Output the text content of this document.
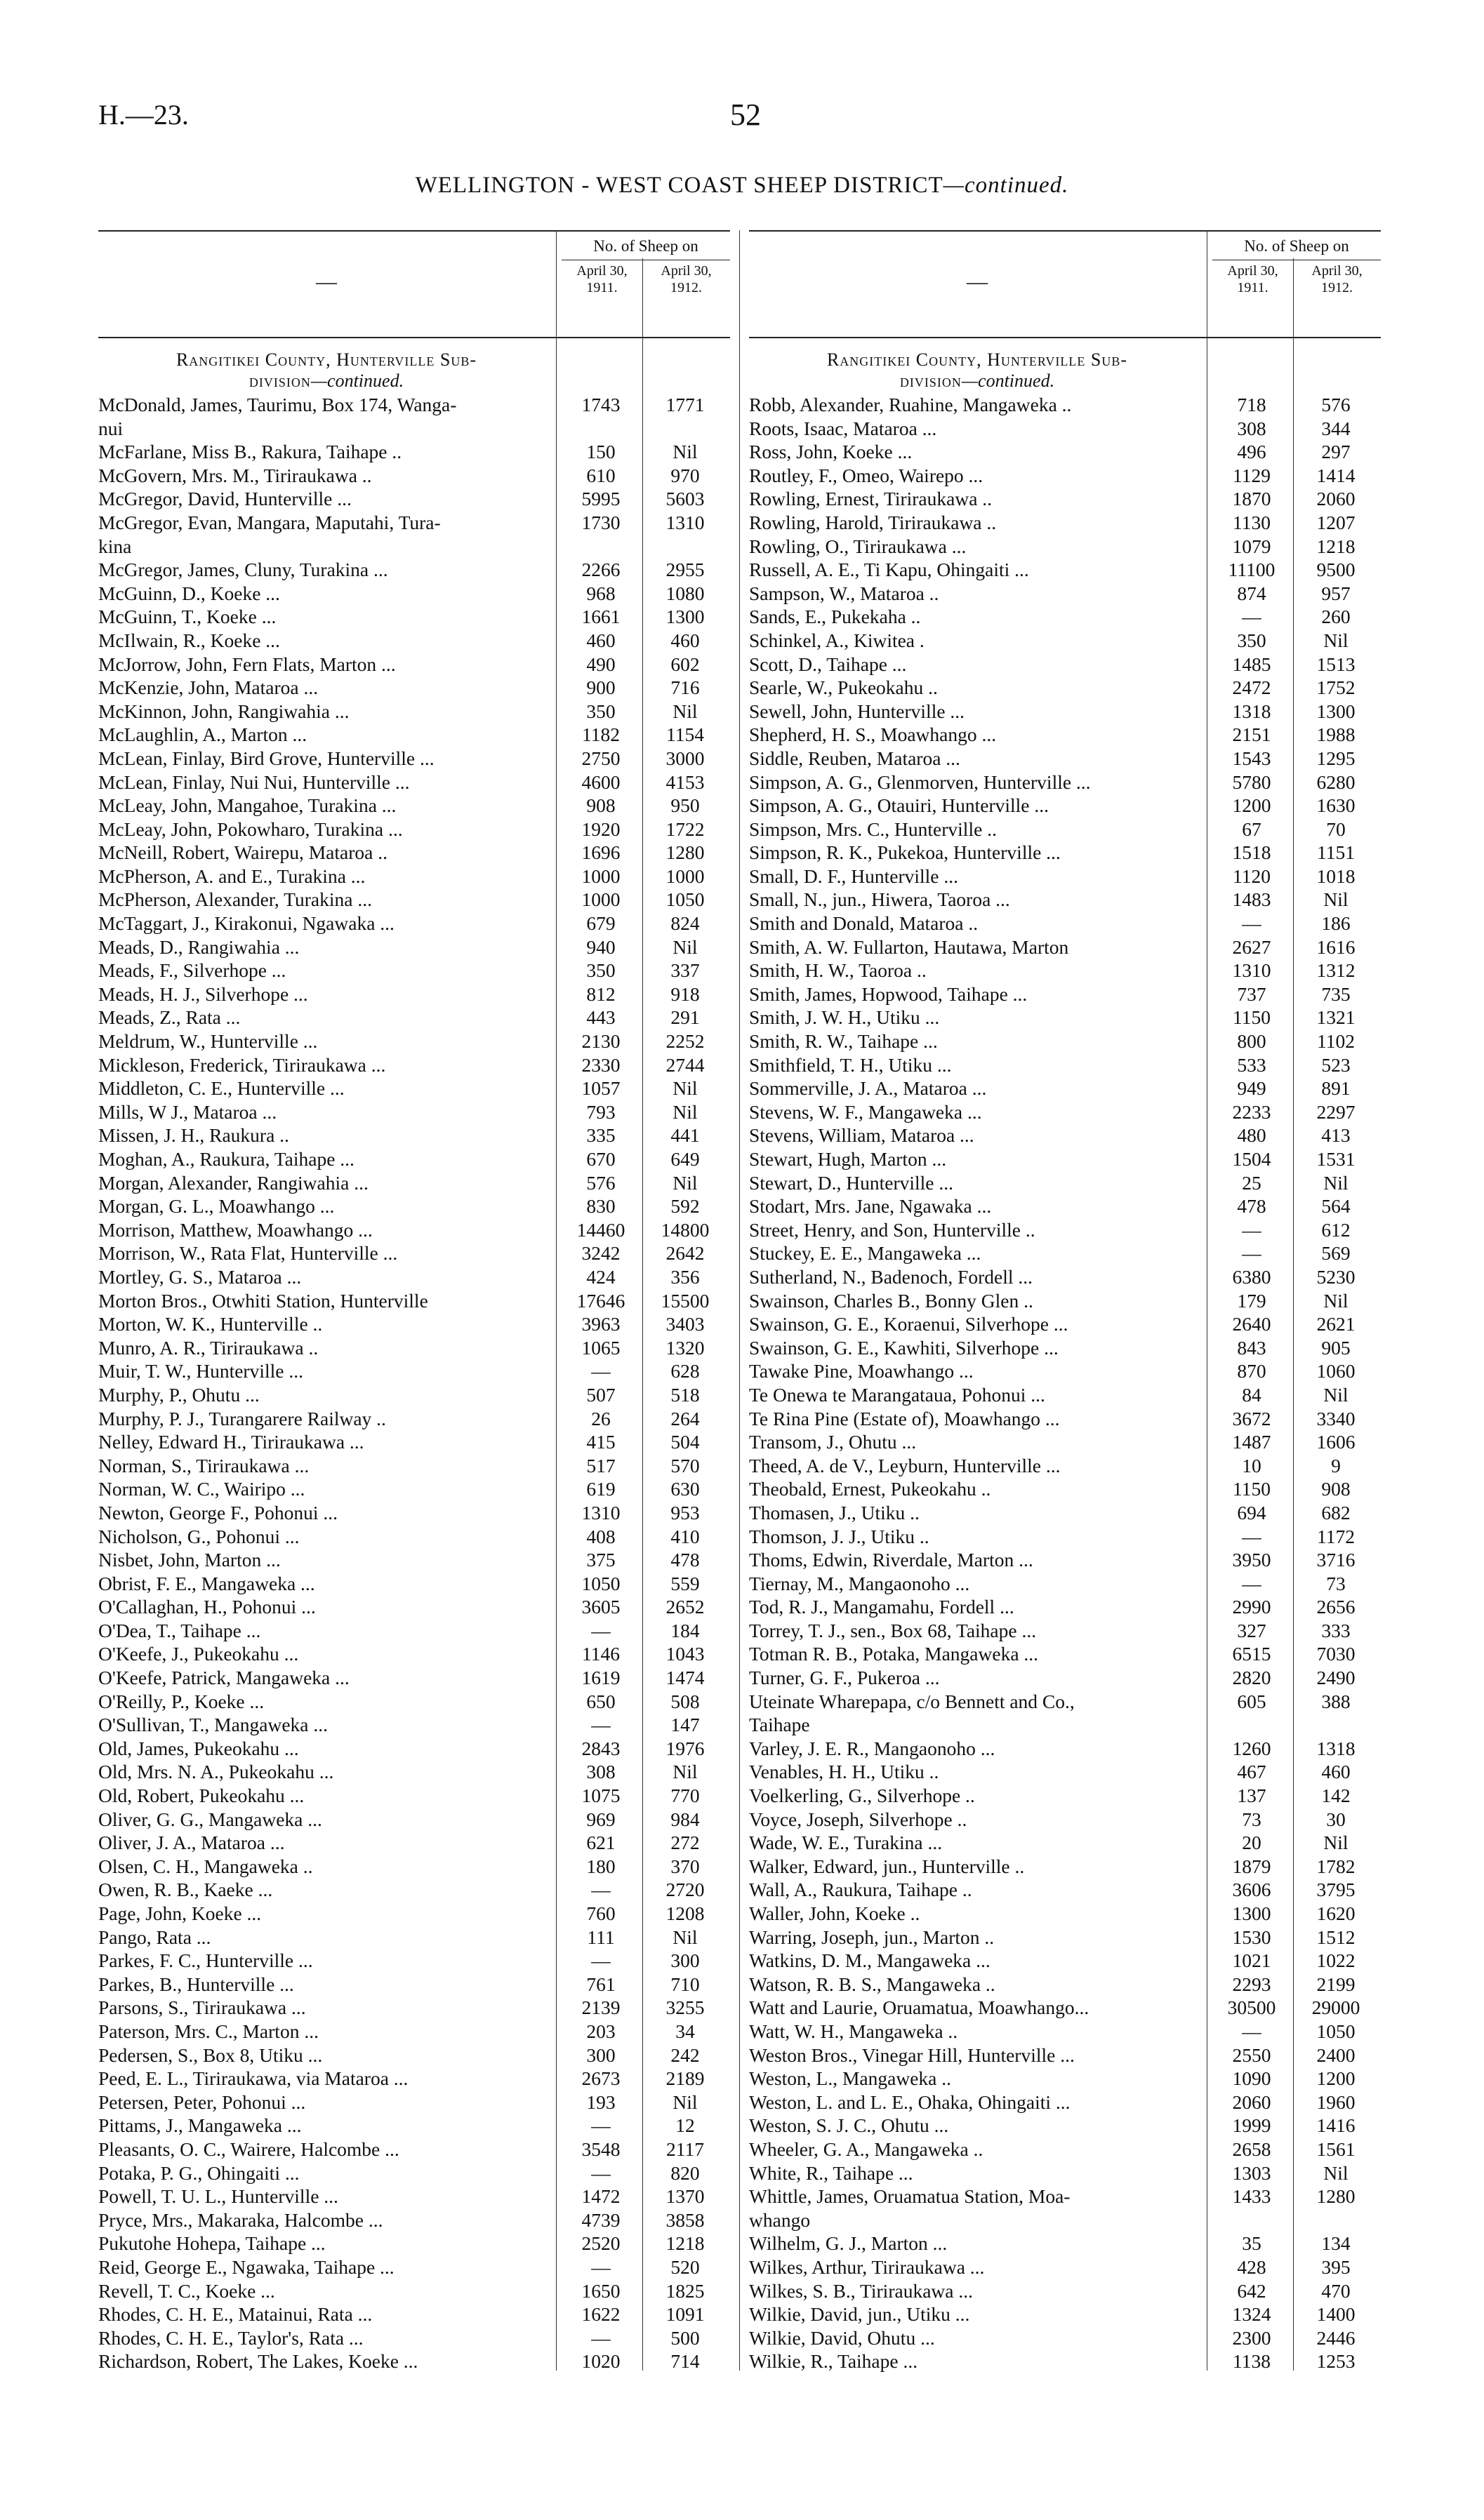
H.—23.	52
WELLINGTON - WEST COAST SHEEP DISTRICT—continued.
—
No. of Sheep on
April 30,
1911.
April 30,
1912.
Rangitikei County, Hunterville Sub-
division—continued.
McDonald, James, Taurimu, Box 174, Wanga-	1743	1771
nui
McFarlane, Miss B., Rakura, Taihape ..	150	Nil
McGovern, Mrs. M., Tiriraukawa ..	610	970
McGregor, David, Hunterville ...	5995	5603
McGregor, Evan, Mangara, Maputahi, Tura-	1730	1310
kina
McGregor, James, Cluny, Turakina ...	2266	2955
McGuinn, D., Koeke ...	968	1080
McGuinn, T., Koeke ...	1661	1300
McIlwain, R., Koeke ...	460	460
McJorrow, John, Fern Flats, Marton ...	490	602
McKenzie, John, Mataroa ...	900	716
McKinnon, John, Rangiwahia ...	350	Nil
McLaughlin, A., Marton ...	1182	1154
McLean, Finlay, Bird Grove, Hunterville ...	2750	3000
McLean, Finlay, Nui Nui, Hunterville ...	4600	4153
McLeay, John, Mangahoe, Turakina ...	908	950
McLeay, John, Pokowharo, Turakina ...	1920	1722
McNeill, Robert, Wairepu, Mataroa ..	1696	1280
McPherson, A. and E., Turakina ...	1000	1000
McPherson, Alexander, Turakina ...	1000	1050
McTaggart, J., Kirakonui, Ngawaka ...	679	824
Meads, D., Rangiwahia ...	940	Nil
Meads, F., Silverhope ...	350	337
Meads, H. J., Silverhope ...	812	918
Meads, Z., Rata ...	443	291
Meldrum, W., Hunterville ...	2130	2252
Mickleson, Frederick, Tiriraukawa ...	2330	2744
Middleton, C. E., Hunterville ...	1057	Nil
Mills, W J., Mataroa ...	793	Nil
Missen, J. H., Raukura ..	335	441
Moghan, A., Raukura, Taihape ...	670	649
Morgan, Alexander, Rangiwahia ...	576	Nil
Morgan, G. L., Moawhango ...	830	592
Morrison, Matthew, Moawhango ...	14460	14800
Morrison, W., Rata Flat, Hunterville ...	3242	2642
Mortley, G. S., Mataroa ...	424	356
Morton Bros., Otwhiti Station, Hunterville	17646	15500
Morton, W. K., Hunterville ..	3963	3403
Munro, A. R., Tiriraukawa ..	1065	1320
Muir, T. W., Hunterville ...	—	628
Murphy, P., Ohutu ...	507	518
Murphy, P. J., Turangarere Railway ..	26	264
Nelley, Edward H., Tiriraukawa ...	415	504
Norman, S., Tiriraukawa ...	517	570
Norman, W. C., Wairipo ...	619	630
Newton, George F., Pohonui ...	1310	953
Nicholson, G., Pohonui ...	408	410
Nisbet, John, Marton ...	375	478
Obrist, F. E., Mangaweka ...	1050	559
O'Callaghan, H., Pohonui ...	3605	2652
O'Dea, T., Taihape ...	—	184
O'Keefe, J., Pukeokahu ...	1146	1043
O'Keefe, Patrick, Mangaweka ...	1619	1474
O'Reilly, P., Koeke ...	650	508
O'Sullivan, T., Mangaweka ...	—	147
Old, James, Pukeokahu ...	2843	1976
Old, Mrs. N. A., Pukeokahu ...	308	Nil
Old, Robert, Pukeokahu ...	1075	770
Oliver, G. G., Mangaweka ...	969	984
Oliver, J. A., Mataroa ...	621	272
Olsen, C. H., Mangaweka ..	180	370
Owen, R. B., Kaeke ...	—	2720
Page, John, Koeke ...	760	1208
Pango, Rata ...	111	Nil
Parkes, F. C., Hunterville ...	—	300
Parkes, B., Hunterville ...	761	710
Parsons, S., Tiriraukawa ...	2139	3255
Paterson, Mrs. C., Marton ...	203	34
Pedersen, S., Box 8, Utiku ...	300	242
Peed, E. L., Tiriraukawa, via Mataroa ...	2673	2189
Petersen, Peter, Pohonui ...	193	Nil
Pittams, J., Mangaweka ...	—	12
Pleasants, O. C., Wairere, Halcombe ...	3548	2117
Potaka, P. G., Ohingaiti ...	—	820
Powell, T. U. L., Hunterville ...	1472	1370
Pryce, Mrs., Makaraka, Halcombe ...	4739	3858
Pukutohe Hohepa, Taihape ...	2520	1218
Reid, George E., Ngawaka, Taihape ...	—	520
Revell, T. C., Koeke ...	1650	1825
Rhodes, C. H. E., Matainui, Rata ...	1622	1091
Rhodes, C. H. E., Taylor's, Rata ...	—	500
Richardson, Robert, The Lakes, Koeke ...	1020	714
—
No. of Sheep on
April 30,
1911.
April 30,
1912.
Rangitikei County, Hunterville Sub-
division—continued.
Robb, Alexander, Ruahine, Mangaweka ..	718	576
Roots, Isaac, Mataroa ...	308	344
Ross, John, Koeke ...	496	297
Routley, F., Omeo, Wairepo ...	1129	1414
Rowling, Ernest, Tiriraukawa ..	1870	2060
Rowling, Harold, Tiriraukawa ..	1130	1207
Rowling, O., Tiriraukawa ...	1079	1218
Russell, A. E., Ti Kapu, Ohingaiti ...	11100	9500
Sampson, W., Mataroa ..	874	957
Sands, E., Pukekaha ..	—	260
Schinkel, A., Kiwitea .	350	Nil
Scott, D., Taihape ...	1485	1513
Searle, W., Pukeokahu ..	2472	1752
Sewell, John, Hunterville ...	1318	1300
Shepherd, H. S., Moawhango ...	2151	1988
Siddle, Reuben, Mataroa ...	1543	1295
Simpson, A. G., Glenmorven, Hunterville ...	5780	6280
Simpson, A. G., Otauiri, Hunterville ...	1200	1630
Simpson, Mrs. C., Hunterville ..	67	70
Simpson, R. K., Pukekoa, Hunterville ...	1518	1151
Small, D. F., Hunterville ...	1120	1018
Small, N., jun., Hiwera, Taoroa ...	1483	Nil
Smith and Donald, Mataroa ..	—	186
Smith, A. W. Fullarton, Hautawa, Marton	2627	1616
Smith, H. W., Taoroa ..	1310	1312
Smith, James, Hopwood, Taihape ...	737	735
Smith, J. W. H., Utiku ...	1150	1321
Smith, R. W., Taihape ...	800	1102
Smithfield, T. H., Utiku ...	533	523
Sommerville, J. A., Mataroa ...	949	891
Stevens, W. F., Mangaweka ...	2233	2297
Stevens, William, Mataroa ...	480	413
Stewart, Hugh, Marton ...	1504	1531
Stewart, D., Hunterville ...	25	Nil
Stodart, Mrs. Jane, Ngawaka ...	478	564
Street, Henry, and Son, Hunterville ..	—	612
Stuckey, E. E., Mangaweka ...	—	569
Sutherland, N., Badenoch, Fordell ...	6380	5230
Swainson, Charles B., Bonny Glen ..	179	Nil
Swainson, G. E., Koraenui, Silverhope ...	2640	2621
Swainson, G. E., Kawhiti, Silverhope ...	843	905
Tawake Pine, Moawhango ...	870	1060
Te Onewa te Marangataua, Pohonui ...	84	Nil
Te Rina Pine (Estate of), Moawhango ...	3672	3340
Transom, J., Ohutu ...	1487	1606
Theed, A. de V., Leyburn, Hunterville ...	10	9
Theobald, Ernest, Pukeokahu ..	1150	908
Thomasen, J., Utiku ..	694	682
Thomson, J. J., Utiku ..	—	1172
Thoms, Edwin, Riverdale, Marton ...	3950	3716
Tiernay, M., Mangaonoho ...	—	73
Tod, R. J., Mangamahu, Fordell ...	2990	2656
Torrey, T. J., sen., Box 68, Taihape ...	327	333
Totman R. B., Potaka, Mangaweka ...	6515	7030
Turner, G. F., Pukeroa ...	2820	2490
Uteinate Wharepapa, c/o Bennett and Co.,	605	388
Taihape
Varley, J. E. R., Mangaonoho ...	1260	1318
Venables, H. H., Utiku ..	467	460
Voelkerling, G., Silverhope ..	137	142
Voyce, Joseph, Silverhope ..	73	30
Wade, W. E., Turakina ...	20	Nil
Walker, Edward, jun., Hunterville ..	1879	1782
Wall, A., Raukura, Taihape ..	3606	3795
Waller, John, Koeke ..	1300	1620
Warring, Joseph, jun., Marton ..	1530	1512
Watkins, D. M., Mangaweka ...	1021	1022
Watson, R. B. S., Mangaweka ..	2293	2199
Watt and Laurie, Oruamatua, Moawhango...	30500	29000
Watt, W. H., Mangaweka ..	—	1050
Weston Bros., Vinegar Hill, Hunterville ...	2550	2400
Weston, L., Mangaweka ..	1090	1200
Weston, L. and L. E., Ohaka, Ohingaiti ...	2060	1960
Weston, S. J. C., Ohutu ...	1999	1416
Wheeler, G. A., Mangaweka ..	2658	1561
White, R., Taihape ...	1303	Nil
Whittle, James, Oruamatua Station, Moa-	1433	1280
whango
Wilhelm, G. J., Marton ...	35	134
Wilkes, Arthur, Tiriraukawa ...	428	395
Wilkes, S. B., Tiriraukawa ...	642	470
Wilkie, David, jun., Utiku ...	1324	1400
Wilkie, David, Ohutu ...	2300	2446
Wilkie, R., Taihape ...	1138	1253
